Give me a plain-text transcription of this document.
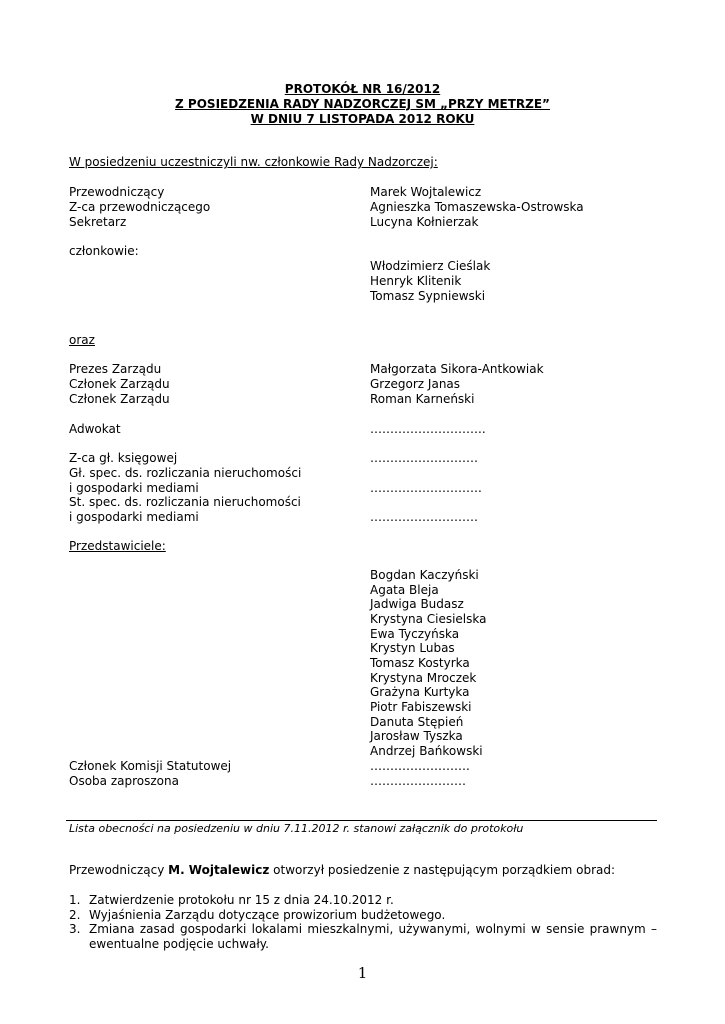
PROTOKÓŁ NR 16/2012
Z POSIEDZENIA RADY NADZORCZEJ SM „PRZY METRZE”
W DNIU 7 LISTOPADA 2012 ROKU
W posiedzeniu uczestniczyli nw. członkowie Rady Nadzorczej:
Przewodniczący	Marek Wojtalewicz
Z-ca przewodniczącego	Agnieszka Tomaszewska-Ostrowska
Sekretarz	Lucyna Kołnierzak
członkowie:
Włodzimierz Cieślak
Henryk Klitenik
Tomasz Sypniewski
oraz
Prezes Zarządu	Małgorzata Sikora-Antkowiak
Członek Zarządu	Grzegorz Janas
Członek Zarządu	Roman Karneński
Adwokat	………………………..
Z-ca gł. księgowej	………………………
Gł. spec. ds. rozliczania nieruchomości
i gospodarki mediami	……………………….
St. spec. ds. rozliczania nieruchomości
i gospodarki mediami	………………………
Przedstawiciele:
Bogdan Kaczyński
Agata Bleja
Jadwiga Budasz
Krystyna Ciesielska
Ewa Tyczyńska
Krystyn Lubas
Tomasz Kostyrka
Krystyna Mroczek
Grażyna Kurtyka
Piotr Fabiszewski
Danuta Stępień
Jarosław Tyszka
Andrzej Bańkowski
Członek Komisji Statutowej	…………………….
Osoba zaproszona	……………………
Lista obecności na posiedzeniu w dniu 7.11.2012 r. stanowi załącznik do protokołu
Przewodniczący M. Wojtalewicz otworzył posiedzenie z następującym porządkiem obrad:
1. Zatwierdzenie protokołu nr 15 z dnia 24.10.2012 r.
2. Wyjaśnienia Zarządu dotyczące prowizorium budżetowego.
3. Zmiana zasad gospodarki lokalami mieszkalnymi, używanymi, wolnymi w sensie prawnym – ewentualne podjęcie uchwały.
1
